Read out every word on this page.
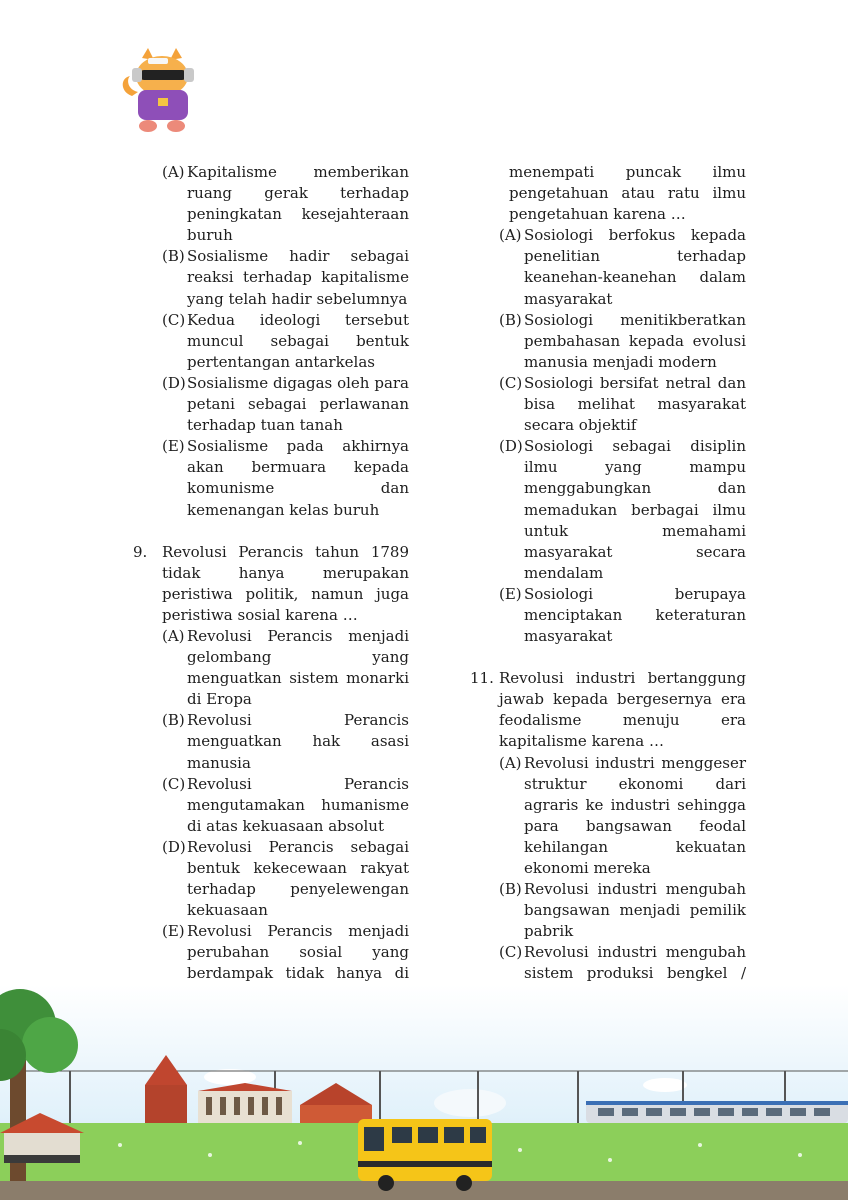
(A) Kapitalisme memberikan ruang gerak terhadap peningkatan kesejahteraan buruh
(B) Sosialisme hadir sebagai reaksi terhadap kapitalisme yang telah hadir sebelumnya
(C) Kedua ideologi tersebut muncul sebagai bentuk pertentangan antarkelas
(D) Sosialisme digagas oleh para petani sebagai perlawanan terhadap tuan tanah
(E) Sosialisme pada akhirnya akan bermuara kepada komunisme dan kemenangan kelas buruh
9. Revolusi Perancis tahun 1789 tidak hanya merupakan peristiwa politik, namun juga peristiwa sosial karena …
(A) Revolusi Perancis menjadi gelombang yang menguatkan sistem monarki di Eropa
(B) Revolusi Perancis menguatkan hak asasi manusia
(C) Revolusi Perancis mengutamakan humanisme di atas kekuasaan absolut
(D) Revolusi Perancis sebagai bentuk kekecewaan rakyat terhadap penyelewengan kekuasaan
(E) Revolusi Perancis menjadi perubahan sosial yang berdampak tidak hanya di
menempati puncak ilmu pengetahuan atau ratu ilmu pengetahuan karena …
(A) Sosiologi berfokus kepada penelitian terhadap keanehan-keanehan dalam masyarakat
(B) Sosiologi menitikberatkan pembahasan kepada evolusi manusia menjadi modern
(C) Sosiologi bersifat netral dan bisa melihat masyarakat secara objektif
(D) Sosiologi sebagai disiplin ilmu yang mampu menggabungkan dan memadukan berbagai ilmu untuk memahami masyarakat secara mendalam
(E) Sosiologi berupaya menciptakan keteraturan masyarakat
11. Revolusi industri bertanggung jawab kepada bergesernya era feodalisme menuju era kapitalisme karena …
(A) Revolusi industri menggeser struktur ekonomi dari agraris ke industri sehingga para bangsawan feodal kehilangan kekuatan ekonomi mereka
(B) Revolusi industri mengubah bangsawan menjadi pemilik pabrik
(C) Revolusi industri mengubah sistem produksi bengkel /
